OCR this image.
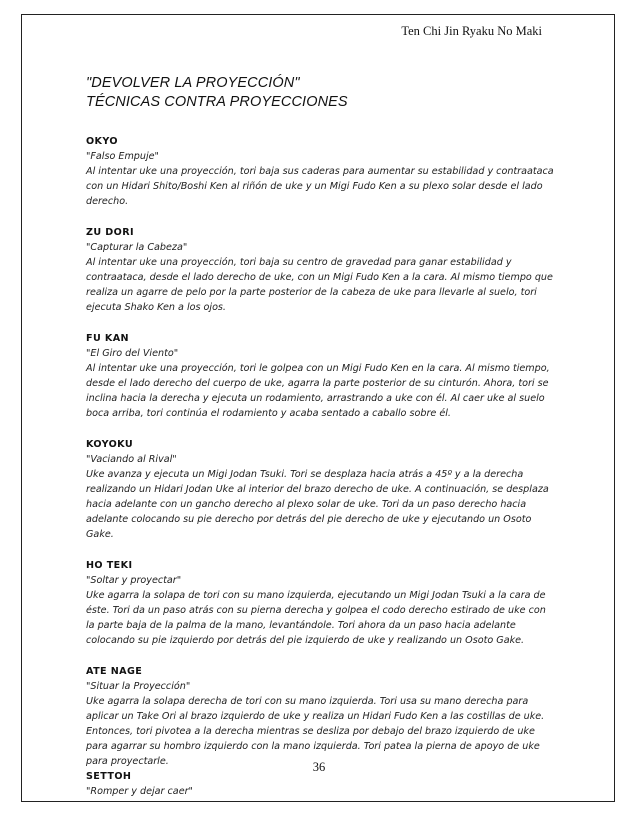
Ten Chi Jin Ryaku No Maki
"DEVOLVER LA PROYECCIÓN"
TÉCNICAS CONTRA PROYECCIONES
OKYO
"Falso Empuje"
Al intentar uke una proyección, tori baja sus caderas para aumentar su estabilidad y contraataca con un Hidari Shito/Boshi Ken al riñón de uke y un Migi Fudo Ken a su plexo solar desde el lado derecho.
ZU DORI
"Capturar la Cabeza"
Al intentar uke una proyección, tori baja su centro de gravedad para ganar estabilidad y contraataca, desde el lado derecho de uke, con un Migi Fudo Ken a la cara. Al mismo tiempo que realiza un agarre de pelo por la parte posterior de la cabeza de uke para llevarle al suelo, tori ejecuta Shako Ken a los ojos.
FU KAN
"El Giro del Viento"
Al intentar uke una proyección, tori le golpea con un Migi Fudo Ken en la cara. Al mismo tiempo, desde el lado derecho del cuerpo de uke, agarra la parte posterior de su cinturón. Ahora, tori se inclina hacia la derecha y ejecuta un rodamiento, arrastrando a uke con él. Al caer uke al suelo boca arriba, tori continúa el rodamiento y acaba sentado a caballo sobre él.
KOYOKU
"Vaciando al Rival"
Uke avanza y ejecuta un Migi Jodan Tsuki. Tori se desplaza hacia atrás a 45º y a la derecha realizando un Hidari Jodan Uke al interior del brazo derecho de uke. A continuación, se desplaza hacia adelante con un gancho derecho al plexo solar de uke. Tori da un paso derecho hacia adelante colocando su pie derecho por detrás del pie derecho de uke y ejecutando un Osoto Gake.
HO TEKI
"Soltar y proyectar"
Uke agarra la solapa de tori con su mano izquierda, ejecutando un Migi Jodan Tsuki a la cara de éste. Tori da un paso atrás con su pierna derecha y golpea el codo derecho estirado de uke con la parte baja de la palma de la mano, levantándole. Tori ahora da un paso hacia adelante colocando su pie izquierdo por detrás del pie izquierdo de uke y realizando un Osoto Gake.
ATE NAGE
"Situar la Proyección"
Uke agarra la solapa derecha de tori con su mano izquierda. Tori usa su mano derecha para aplicar un Take Ori al brazo izquierdo de uke y realiza un Hidari Fudo Ken a las costillas de uke. Entonces, tori pivotea a la derecha mientras se desliza por debajo del brazo izquierdo de uke para agarrar su hombro izquierdo con la mano izquierda. Tori patea la pierna de apoyo de uke para proyectarle.
SETTOH
"Romper y dejar caer"
36
